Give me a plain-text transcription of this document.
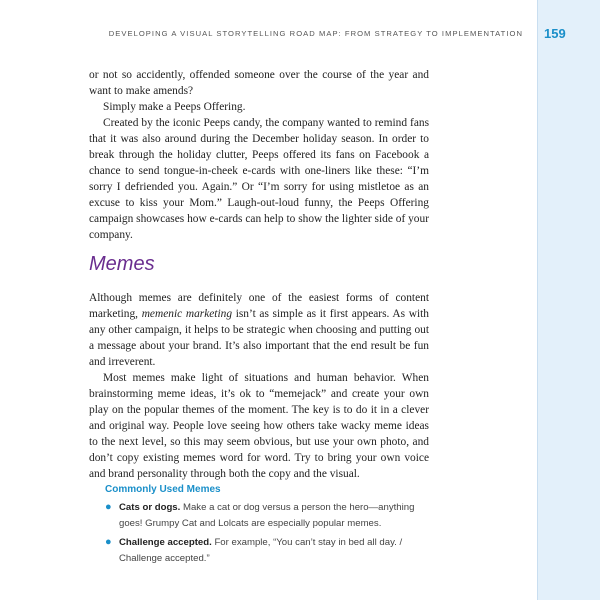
DEVELOPING A VISUAL STORYTELLING ROAD MAP: FROM STRATEGY TO IMPLEMENTATION 159

or not so accidently, offended someone over the course of the year and want to make amends?

Simply make a Peeps Offering.

Created by the iconic Peeps candy, the company wanted to remind fans that it was also around during the December holiday season. In order to break through the holiday clutter, Peeps offered its fans on Facebook a chance to send tongue-in-cheek e-cards with one-liners like these: “I’m sorry I defriended you. Again.” Or “I’m sorry for using mistletoe as an excuse to kiss your Mom.” Laugh-out-loud funny, the Peeps Offering campaign showcases how e-cards can help to show the lighter side of your company.

Memes

Although memes are definitely one of the easiest forms of content marketing, memenic marketing isn’t as simple as it first appears. As with any other campaign, it helps to be strategic when choosing and putting out a message about your brand. It’s also important that the end result be fun and irreverent.

Most memes make light of situations and human behavior. When brainstorming meme ideas, it’s ok to “memejack” and create your own play on the popular themes of the moment. The key is to do it in a clever and original way. People love seeing how others take wacky meme ideas to the next level, so this may seem obvious, but use your own photo, and don’t copy existing memes word for word. Try to bring your own voice and brand personality through both the copy and the visual.

Commonly Used Memes
● Cats or dogs. Make a cat or dog versus a person the hero—anything goes! Grumpy Cat and Lolcats are especially popular memes.
● Challenge accepted. For example, “You can’t stay in bed all day. / Challenge accepted.”
